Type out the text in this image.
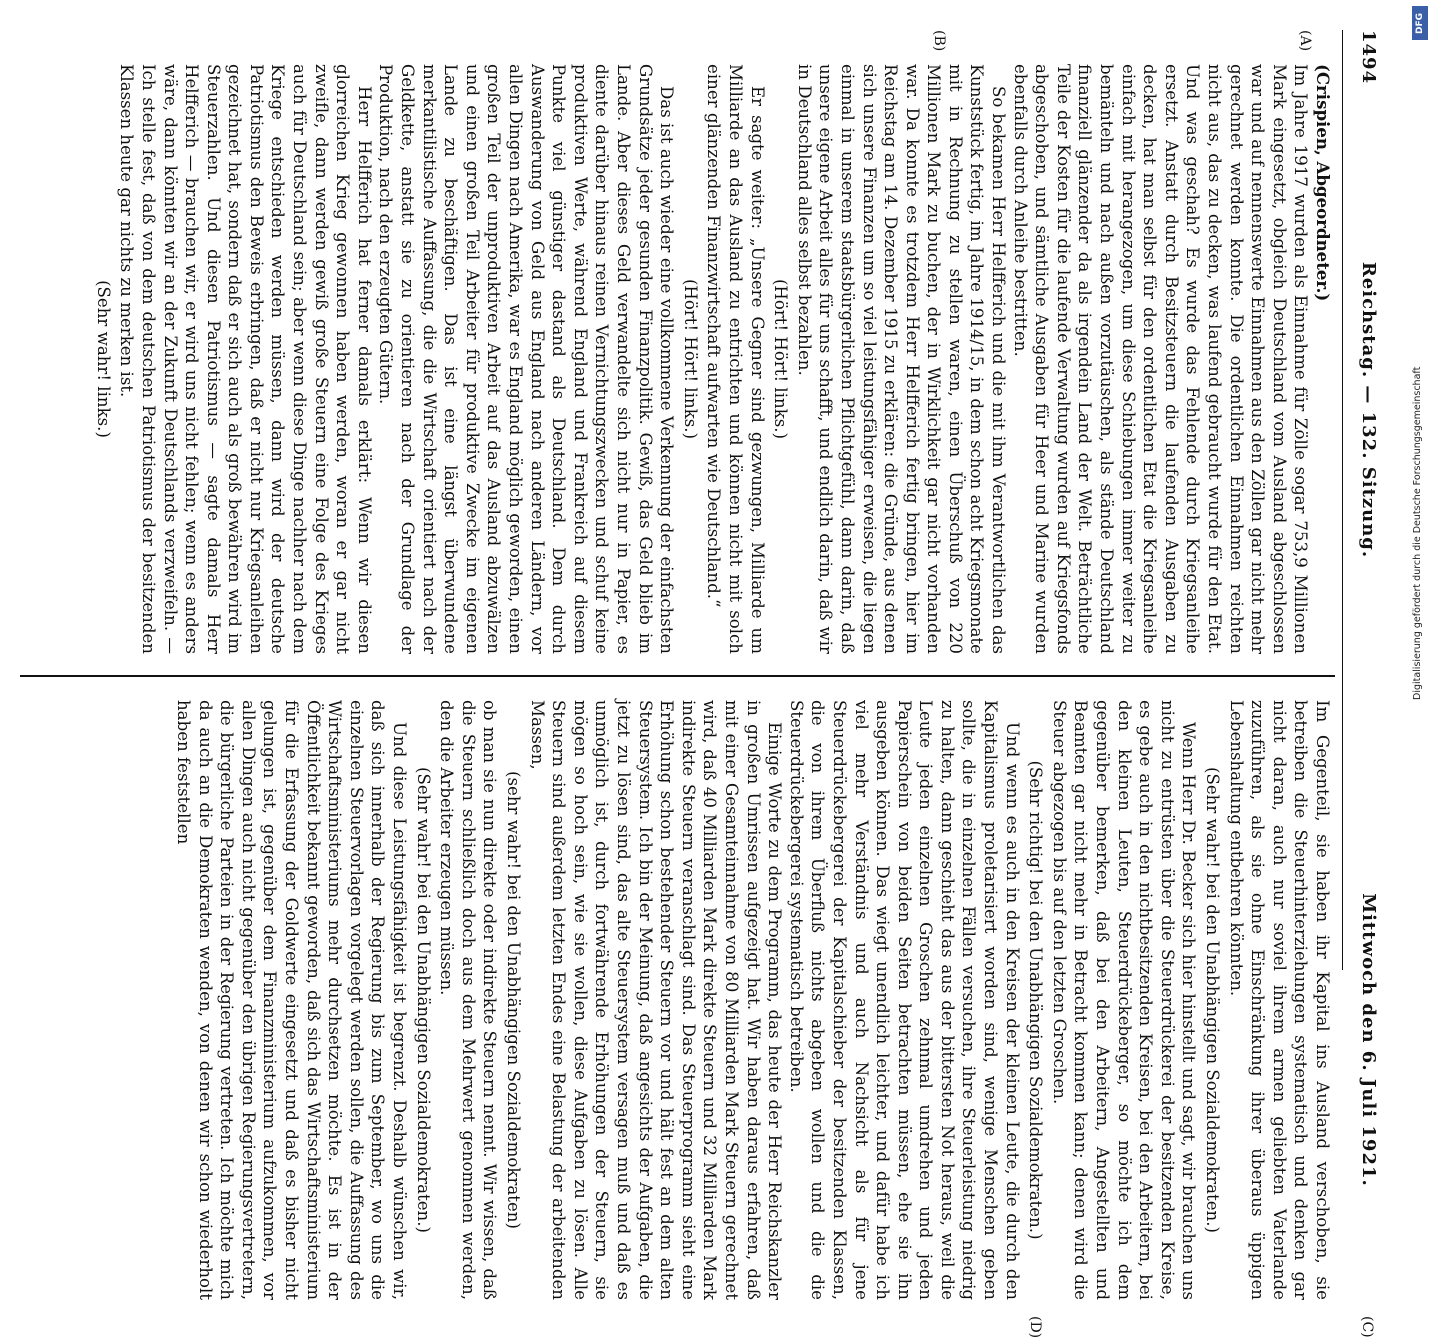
1494
Reichstag. — 132. Sitzung.
Mittwoch den 6. Juli 1921.
(A)
(B)
(C)
(D)

(Crispien, Abgeordneter.)

Im Jahre 1917 wurden als Einnahme für Zölle sogar 753,9 Millionen Mark eingesetzt, obgleich Deutschland vom Ausland abgeschlossen war und auf nennenswerte Einnahmen aus den Zöllen gar nicht mehr gerechnet werden konnte. Die ordentlichen Einnahmen reichten nicht aus, das zu decken, was laufend gebraucht wurde für den Etat. Und was geschah? Es wurde das Fehlende durch Kriegsanleihe ersetzt. Anstatt durch Besitzsteuern die laufenden Ausgaben zu decken, hat man selbst für den ordentlichen Etat die Kriegsanleihe einfach mit herangezogen, um diese Schiebungen immer weiter zu bemänteln und nach außen vorzutäuschen, als stände Deutschland finanziell glänzender da als irgendein Land der Welt. Beträchtliche Teile der Kosten für die laufende Verwaltung wurden auf Kriegsfonds abgeschoben, und sämtliche Ausgaben für Heer und Marine wurden ebenfalls durch Anleihe bestritten.

So bekamen Herr Helfferich und die mit ihm Verantwortlichen das Kunststück fertig, im Jahre 1914/15, in dem schon acht Kriegsmonate mit in Rechnung zu stellen waren, einen Überschuß von 220 Millionen Mark zu buchen, der in Wirklichkeit gar nicht vorhanden war. Da konnte es trotzdem Herr Helfferich fertig bringen, hier im Reichstag am 14. Dezember 1915 zu erklären: die Gründe, aus denen sich unsere Finanzen um so viel leistungsfähiger erweisen, die liegen einmal in unserem staatsbürgerlichen Pflichtgefühl, dann darin, daß unsere eigene Arbeit alles für uns schafft, und endlich darin, daß wir in Deutschland alles selbst bezahlen.

(Hört! Hört! links.)

Er sagte weiter: „Unsere Gegner sind gezwungen, Milliarde um Milliarde an das Ausland zu entrichten und können nicht mit solch einer glänzenden Finanzwirtschaft aufwarten wie Deutschland.“

(Hört! Hört! links.)

Das ist auch wieder eine vollkommene Verkennung der einfachsten Grundsätze jeder gesunden Finanzpolitik. Gewiß, das Geld blieb im Lande. Aber dieses Geld verwandelte sich nicht nur in Papier, es diente darüber hinaus reinen Vernichtungszwecken und schuf keine produktiven Werte, während England und Frankreich auf diesem Punkte viel günstiger dastand als Deutschland. Dem durch Auswanderung von Geld aus England nach anderen Ländern, vor allen Dingen nach Amerika, war es England möglich geworden, einen großen Teil der unproduktiven Arbeit auf das Ausland abzuwälzen und einen großen Teil Arbeiter für produktive Zwecke im eigenen Lande zu beschäftigen. Das ist eine längst überwundene merkantilistische Auffassung, die die Wirtschaft orientiert nach der Geldkette, anstatt sie zu orientieren nach der Grundlage der Produktion, nach den erzeugten Gütern.

Herr Helfferich hat ferner damals erklärt: Wenn wir diesen glorreichen Krieg gewonnen haben werden, woran er gar nicht zweifle, dann werden gewiß große Steuern eine Folge des Krieges auch für Deutschland sein; aber wenn diese Dinge nachher nach dem Kriege entschieden werden müssen, dann wird der deutsche Patriotismus den Beweis erbringen, daß er nicht nur Kriegsanleihen gezeichnet hat, sondern daß er sich auch als groß bewähren wird im Steuerzahlen. Und diesen Patriotismus — sagte damals Herr Helfferich — brauchen wir, er wird uns nicht fehlen; wenn es anders wäre, dann könnten wir an der Zukunft Deutschlands verzweifeln. — Ich stelle fest, daß von dem deutschen Patriotismus der besitzenden Klassen heute gar nichts zu merken ist.

(Sehr wahr! links.)

Im Gegenteil, sie haben ihr Kapital ins Ausland verschoben, sie betreiben die Steuerhinterziehungen systematisch und denken gar nicht daran, auch nur soviel ihrem armen geliebten Vaterlande zuzuführen, als sie ohne Einschränkung ihrer überaus üppigen Lebenshaltung entbehren könnten.

(Sehr wahr! bei den Unabhängigen Sozialdemokraten.)

Wenn Herr Dr. Becker sich hier hinstellt und sagt, wir brauchen uns nicht zu entrüsten über die Steuerdrückerei der besitzenden Kreise, es gebe auch in den nichtbesitzenden Kreisen, bei den Arbeitern, bei den kleinen Leuten, Steuerdrückeberger, so möchte ich dem gegenüber bemerken, daß bei den Arbeitern, Angestellten und Beamten gar nicht mehr in Betracht kommen kann; denen wird die Steuer abgezogen bis auf den letzten Groschen.

(Sehr richtig! bei den Unabhängigen Sozialdemokraten.)

Und wenn es auch in den Kreisen der kleinen Leute, die durch den Kapitalismus proletarisiert worden sind, wenige Menschen geben sollte, die in einzelnen Fällen versuchen, ihre Steuerleistung niedrig zu halten, dann geschieht das aus der bittersten Not heraus, weil die Leute jeden einzelnen Groschen zehnmal umdrehen und jeden Papierschein von beiden Seiten betrachten müssen, ehe sie ihn ausgeben können. Das wiegt unendlich leichter, und dafür habe ich viel mehr Verständnis und auch Nachsicht als für jene Steuerdrückebergerei der Kapitalschieber der besitzenden Klassen, die von ihrem Überfluß nichts abgeben wollen und die die Steuerdrückebergerei systematisch betreiben.

Einige Worte zu dem Programm, das heute der Herr Reichskanzler in großen Umrissen aufgezeigt hat. Wir haben daraus erfahren, daß mit einer Gesamteinnahme von 80 Milliarden Mark Steuern gerechnet wird, daß 40 Milliarden Mark direkte Steuern und 32 Milliarden Mark indirekte Steuern veranschlagt sind. Das Steuerprogramm sieht eine Erhöhung schon bestehender Steuern vor und hält fest an dem alten Steuersystem. Ich bin der Meinung, daß angesichts der Aufgaben, die jetzt zu lösen sind, das alte Steuersystem versagen muß und daß es unmöglich ist, durch fortwährende Erhöhungen der Steuern, sie mögen so hoch sein, wie sie wollen, diese Aufgaben zu lösen. Alle Steuern sind außerdem letzten Endes eine Belastung der arbeitenden Massen,

(sehr wahr! bei den Unabhängigen Sozialdemokraten)

ob man sie nun direkte oder indirekte Steuern nennt. Wir wissen, daß die Steuern schließlich doch aus dem Mehrwert genommen werden, den die Arbeiter erzeugen müssen.

(Sehr wahr! bei den Unabhängigen Sozialdemokraten.)

Und diese Leistungsfähigkeit ist begrenzt. Deshalb wünschen wir, daß sich innerhalb der Regierung bis zum September, wo uns die einzelnen Steuervorlagen vorgelegt werden sollen, die Auffassung des Wirtschaftsministeriums mehr durchsetzen möchte. Es ist in der Öffentlichkeit bekannt geworden, daß sich das Wirtschaftsministerium für die Erfassung der Goldwerte eingesetzt und daß es bisher nicht gelungen ist, gegenüber dem Finanzministerium aufzukommen, vor allen Dingen auch nicht gegenüber den übrigen Regierungsvertretern, die bürgerliche Parteien in der Regierung vertreten. Ich möchte mich da auch an die Demokraten wenden, von denen wir schon wiederholt haben feststellen

Digitalisierung gefördert durch die Deutsche Forschungsgemeinschaft
DFG
